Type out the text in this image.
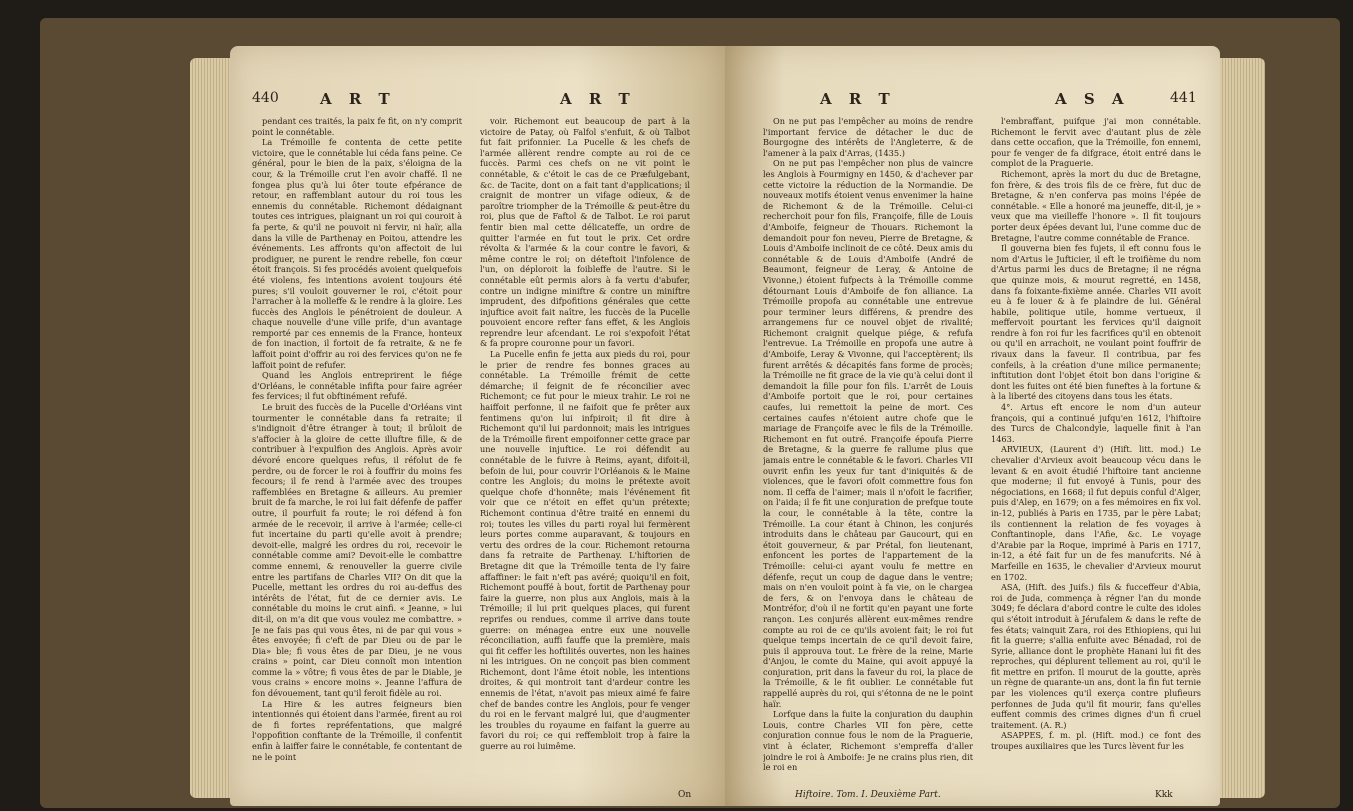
440	A R T	A R T

pendant ces traités, la paix fe fit, on n'y comprit point le connétable.

La Trémoille fe contenta de cette petite victoire, que le connétable lui céda fans peine. Ce général, pour le bien de la paix, s'éloigna de la cour, & la Trémoille crut l'en avoir chaffé. Il ne fongea plus qu'à lui ôter toute efpérance de retour, en raffemblant autour du roi tous les ennemis du connétable. Richemont dédaignant toutes ces intrigues, plaignant un roi qui couroit à fa perte, & qu'il ne pouvoit ni fervir, ni haïr, alla dans la ville de Parthenay en Poitou, attendre les événements. Les affronts qu'on affectoit de lui prodiguer, ne purent le rendre rebelle, fon cœur étoit françois. Si fes procédés avoient quelquefois été violens, fes intentions avoient toujours été pures; s'il vouloit gouverner le roi, c'étoit pour l'arracher à la molleffe & le rendre à la gloire. Les fuccès des Anglois le pénétroient de douleur. A chaque nouvelle d'une ville prife, d'un avantage remporté par ces ennemis de la France, honteux de fon inaction, il fortoit de fa retraite, & ne fe laffoit point d'offrir au roi des fervices qu'on ne fe laffoit point de refufer.

Quand les Anglois entreprirent le fiége d'Orléans, le connétable infifta pour faire agréer fes fervices; il fut obftinément refufé.

Le bruit des fuccès de la Pucelle d'Orléans vint tourmenter le connétable dans fa retraite; il s'indignoit d'être étranger à tout; il brûloit de s'affocier à la gloire de cette illuftre fille, & de contribuer à l'expulfion des Anglois. Après avoir dévoré encore quelques refus, il réfolut de fe perdre, ou de forcer le roi à fouffrir du moins fes fecours; il fe rend à l'armée avec des troupes raffemblées en Bretagne & ailleurs. Au premier bruit de fa marche, le roi lui fait défenfe de paffer outre, il pourfuit fa route; le roi défend à fon armée de le recevoir, il arrive à l'armée; celle-ci fut incertaine du parti qu'elle avoit à prendre; devoit-elle, malgré les ordres du roi, recevoir le connétable comme ami? Devoit-elle le combattre comme ennemi, & renouveller la guerre civile entre les partifans de Charles VII? On dit que la Pucelle, mettant les ordres du roi au-deffus des intérêts de l'état, fut de ce dernier avis. Le connétable du moins le crut ainfi. « Jeanne, » lui dit-il, on m'a dit que vous voulez me combattre. » Je ne fais pas qui vous êtes, ni de par qui vous » êtes envoyée; fi c'eft de par Dieu ou de par le Dia» ble; fi vous êtes de par Dieu, je ne vous crains » point, car Dieu connoît mon intention comme la » vôtre; fi vous êtes de par le Diable, je vous crains » encore moins ». Jeanne l'affura de fon dévouement, tant qu'il feroit fidèle au roi.

La Hire & les autres feigneurs bien intentionnés qui étoient dans l'armée, firent au roi de fi fortes repréfentations, que malgré l'oppofition conftante de la Trémoille, il confentit enfin à laiffer faire le connétable, fe contentant de ne le point

voir. Richemont eut beaucoup de part à la victoire de Patay, où Falfol s'enfuit, & où Talbot fut fait prifonnier. La Pucelle & les chefs de l'armée allèrent rendre compte au roi de ce fuccès. Parmi ces chefs on ne vit point le connétable, & c'étoit le cas de ce Præfulgebant, &c. de Tacite, dont on a fait tant d'applications; il craignit de montrer un vifage odieux, & de paroître triompher de la Trémoille & peut-être du roi, plus que de Faftol & de Talbot. Le roi parut fentir bien mal cette délicateffe, un ordre de quitter l'armée en fut tout le prix. Cet ordre révolta & l'armée & la cour contre le favori, & même contre le roi; on déteftoit l'infolence de l'un, on déploroit la foibleffe de l'autre. Si le connétable eût permis alors à fa vertu d'abufer, contre un indigne miniftre & contre un miniftre imprudent, des difpofitions générales que cette injuftice avoit fait naître, les fuccès de la Pucelle pouvoient encore refter fans effet, & les Anglois reprendre leur afcendant. Le roi s'expofoit l'état & fa propre couronne pour un favori.

La Pucelle enfin fe jetta aux pieds du roi, pour le prier de rendre fes bonnes graces au connétable. La Trémoille frémit de cette démarche; il feignit de fe réconcilier avec Richemont; ce fut pour le mieux trahir. Le roi ne haiffoit perfonne, il ne faifoit que fe prêter aux fentimens qu'on lui infpiroit; il fit dire à Richemont qu'il lui pardonnoit; mais les intrigues de la Trémoille firent empoifonner cette grace par une nouvelle injuftice. Le roi défendit au connétable de le fuivre à Reims, ayant, difoit-il, befoin de lui, pour couvrir l'Orléanois & le Maine contre les Anglois; du moins le prétexte avoit quelque chofe d'honnête; mais l'événement fit voir que ce n'étoit en effet qu'un prétexte; Richemont continua d'être traité en ennemi du roi; toutes les villes du parti royal lui fermèrent leurs portes comme auparavant, & toujours en vertu des ordres de la cour. Richemont retourna dans fa retraite de Parthenay. L'hiftorien de Bretagne dit que la Trémoille tenta de l'y faire affaffiner: le fait n'eft pas avéré; quoiqu'il en foit, Richemont pouffé à bout, fortit de Parthenay pour faire la guerre, non plus aux Anglois, mais à la Trémoille; il lui prit quelques places, qui furent reprifes ou rendues, comme il arrive dans toute guerre: on ménagea entre eux une nouvelle réconciliation, auffi fauffe que la première, mais qui fit ceffer les hoftilités ouvertes, non les haines ni les intrigues. On ne conçoit pas bien comment Richemont, dont l'âme étoit noble, les intentions droites, & qui montroit tant d'ardeur contre les ennemis de l'état, n'avoit pas mieux aimé fe faire chef de bandes contre les Anglois, pour fe venger du roi en le fervant malgré lui, que d'augmenter les troubles du royaume en faifant la guerre au favori du roi; ce qui reffembloit trop à faire la guerre au roi luimême.

On
A R T	A S A	441

On ne put pas l'empêcher au moins de rendre l'important fervice de détacher le duc de Bourgogne des intérêts de l'Angleterre, & de l'amener à la paix d'Arras, (1435.)

On ne put pas l'empêcher non plus de vaincre les Anglois à Fourmigny en 1450, & d'achever par cette victoire la réduction de la Normandie. De nouveaux motifs étoient venus envenimer la haine de Richemont & de la Trémoille. Celui-ci recherchoit pour fon fils, Françoife, fille de Louis d'Amboife, feigneur de Thouars. Richemont la demandoit pour fon neveu, Pierre de Bretagne, & Louis d'Amboife inclinoit de ce côté. Deux amis du connétable & de Louis d'Amboife (André de Beaumont, feigneur de Leray, & Antoine de Vivonne,) étoient fufpects à la Trémoille comme détournant Louis d'Amboife de fon alliance. La Trémoille propofa au connétable une entrevue pour terminer leurs différens, & prendre des arrangemens fur ce nouvel objet de rivalité; Richemont craignit quelque piége, & refufa l'entrevue. La Trémoille en propofa une autre à d'Amboife, Leray & Vivonne, qui l'acceptèrent; ils furent arrêtés & décapités fans forme de procès; la Trémoille ne fit grace de la vie qu'à celui dont il demandoit la fille pour fon fils. L'arrêt de Louis d'Amboife portoit que le roi, pour certaines caufes, lui remettoit la peine de mort. Ces certaines caufes n'étoient autre chofe que le mariage de Françoife avec le fils de la Trémoille. Richemont en fut outré. Françoife époufa Pierre de Bretagne, & la guerre fe rallume plus que jamais entre le connétable & le favori. Charles VII ouvrit enfin les yeux fur tant d'iniquités & de violences, que le favori ofoit commettre fous fon nom. Il ceffa de l'aimer; mais il n'ofoit le facrifier, on l'aida; il fe fit une conjuration de prefque toute la cour, le connétable à la tête, contre la Trémoille. La cour étant à Chinon, les conjurés introduits dans le château par Gaucourt, qui en étoit gouverneur, & par Prétal, fon lieutenant, enfoncent les portes de l'appartement de la Trémoille: celui-ci ayant voulu fe mettre en défenfe, reçut un coup de dague dans le ventre; mais on n'en vouloit point à fa vie, on le chargea de fers, & on l'envoya dans le château de Montréfor, d'où il ne fortit qu'en payant une forte rançon. Les conjurés allèrent eux-mêmes rendre compte au roi de ce qu'ils avoient fait; le roi fut quelque temps incertain de ce qu'il devoit faire, puis il approuva tout. Le frère de la reine, Marie d'Anjou, le comte du Maine, qui avoit appuyé la conjuration, prit dans la faveur du roi, la place de la Trémoille, & le fit oublier. Le connétable fut rappellé auprès du roi, qui s'étonna de ne le point haïr.

Lorfque dans la fuite la conjuration du dauphin Louis, contre Charles VII fon père, cette conjuration connue fous le nom de la Praguerie, vint à éclater, Richemont s'empreffa d'aller joindre le roi à Amboife: Je ne crains plus rien, dit le roi en

l'embraffant, puifque j'ai mon connétable. Richemont le fervit avec d'autant plus de zèle dans cette occafion, que la Trémoille, fon ennemi, pour fe venger de fa difgrace, étoit entré dans le complot de la Praguerie.

Richemont, après la mort du duc de Bretagne, fon frère, & des trois fils de ce frère, fut duc de Bretagne, & n'en conferva pas moins l'épée de connétable. « Elle a honoré ma jeuneffe, dit-il, je » veux que ma vieilleffe l'honore ». Il fit toujours porter deux épées devant lui, l'une comme duc de Bretagne, l'autre comme connétable de France.

Il gouverna bien fes fujets, il eft connu fous le nom d'Artus le Jufticier, il eft le troifième du nom d'Artus parmi les ducs de Bretagne; il ne régna que quinze mois, & mourut regretté, en 1458, dans fa foixante-fixième année. Charles VII avoit eu à fe louer & à fe plaindre de lui. Général habile, politique utile, homme vertueux, il meffervoit pourtant les fervices qu'il daignoit rendre à fon roi fur les facrifices qu'il en obtenoit ou qu'il en arrachoit, ne voulant point fouffrir de rivaux dans la faveur. Il contribua, par fes confeils, à la création d'une milice permanente; inftitution dont l'objet étoit bon dans l'origine & dont les fuites ont été bien funeftes à la fortune & à la liberté des citoyens dans tous les états.

4°. Artus eft encore le nom d'un auteur françois, qui a continué jufqu'en 1612, l'hiftoire des Turcs de Chalcondyle, laquelle finit à l'an 1463.

ARVIEUX, (Laurent d') (Hift. litt. mod.) Le chevalier d'Arvieux avoit beaucoup vécu dans le levant & en avoit étudié l'hiftoire tant ancienne que moderne; il fut envoyé à Tunis, pour des négociations, en 1668; il fut depuis conful d'Alger, puis d'Alep, en 1679; on a fes mémoires en fix vol. in-12, publiés à Paris en 1735, par le père Labat; ils contiennent la relation de fes voyages à Conftantinople, dans l'Afie, &c. Le voyage d'Arabie par la Roque, imprimé à Paris en 1717, in-12, a été fait fur un de fes manufcrits. Né à Marfeille en 1635, le chevalier d'Arvieux mourut en 1702.

ASA, (Hift. des Juifs.) fils & fucceffeur d'Abia, roi de Juda, commença à régner l'an du monde 3049; fe déclara d'abord contre le culte des idoles qui s'étoit introduit à Jérufalem & dans le refte de fes états; vainquit Zara, roi des Ethiopiens, qui lui fit la guerre; s'allia enfuite avec Bénadad, roi de Syrie, alliance dont le prophète Hanani lui fit des reproches, qui déplurent tellement au roi, qu'il le fit mettre en prifon. Il mourut de la goutte, après un règne de quarante-un ans, dont la fin fut ternie par les violences qu'il exerça contre plufieurs perfonnes de Juda qu'il fit mourir, fans qu'elles euffent commis des crimes dignes d'un fi cruel traitement. (A. R.)

ASAPPES, f. m. pl. (Hift. mod.) ce font des troupes auxiliaires que les Turcs lèvent fur les

Hiftoire. Tom. I. Deuxième Part.	Kkk
